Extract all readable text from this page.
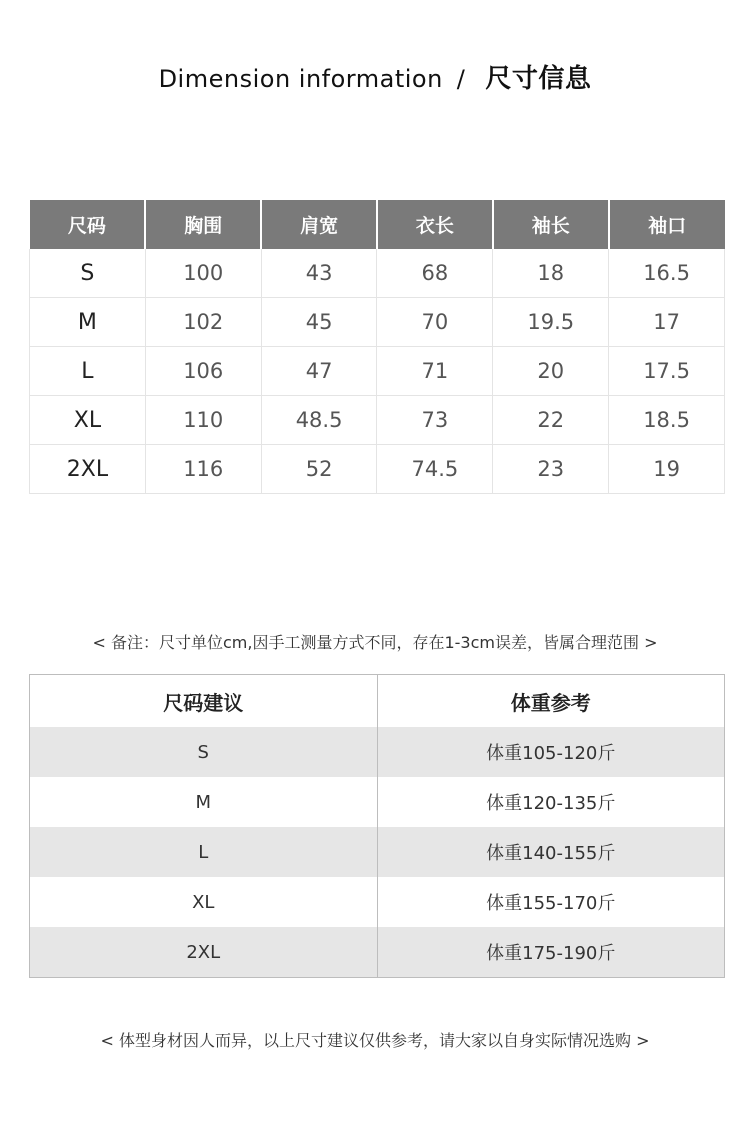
Dimension information / 尺寸信息
尺码	胸围	肩宽	衣长	袖长	袖口
S	100	43	68	18	16.5
M	102	45	70	19.5	17
L	106	47	71	20	17.5
XL	110	48.5	73	22	18.5
2XL	116	52	74.5	23	19
< 备注：尺寸单位cm,因手工测量方式不同，存在1-3cm误差，皆属合理范围 >
尺码建议	体重参考
S	体重105-120斤
M	体重120-135斤
L	体重140-155斤
XL	体重155-170斤
2XL	体重175-190斤
< 体型身材因人而异，以上尺寸建议仅供参考，请大家以自身实际情况选购 >
